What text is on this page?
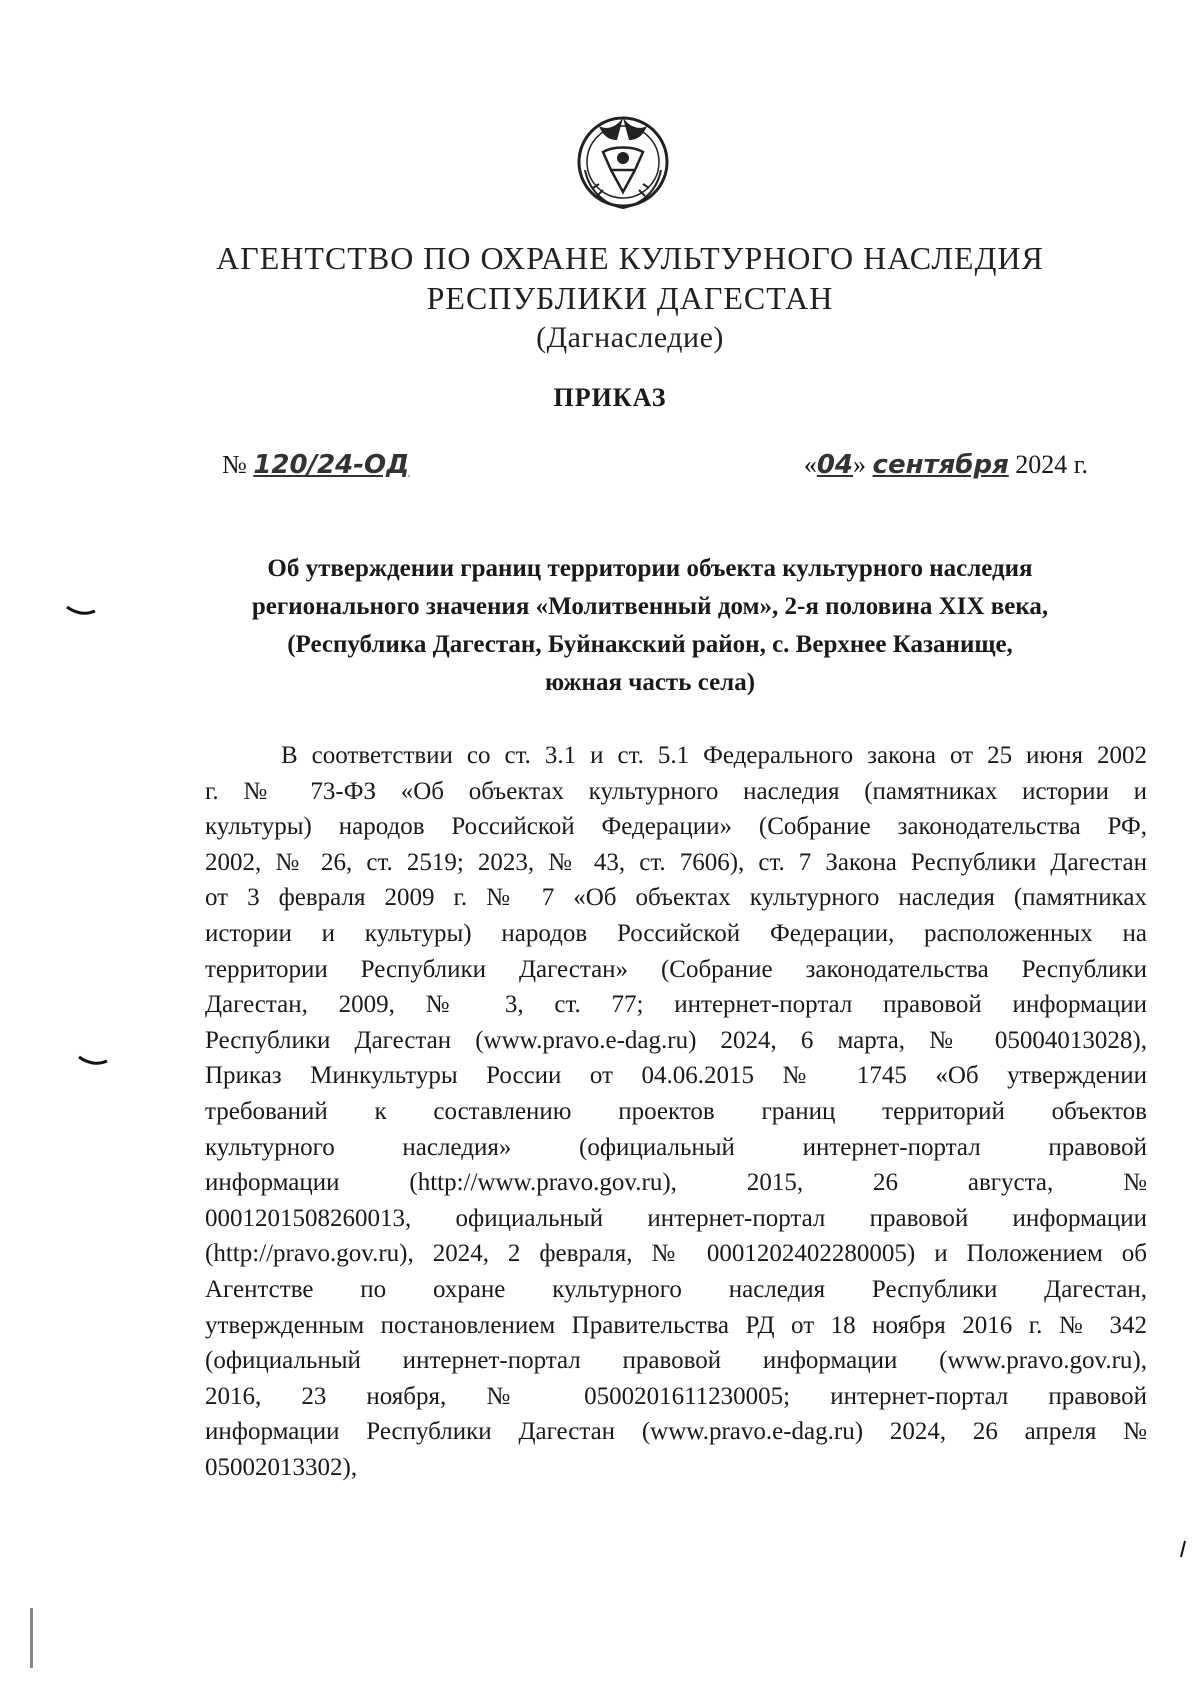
АГЕНТСТВО ПО ОХРАНЕ КУЛЬТУРНОГО НАСЛЕДИЯ
РЕСПУБЛИКИ ДАГЕСТАН
(Дагнаследие)
ПРИКАЗ
№ 120/24-ОД	«04» сентября 2024 г.
Об утверждении границ территории объекта культурного наследия
регионального значения «Молитвенный дом», 2-я половина XIX века,
(Республика Дагестан, Буйнакский район, с. Верхнее Казанище,
южная часть села)
В соответствии со ст. 3.1 и ст. 5.1 Федерального закона от 25 июня 2002
г. № 73-ФЗ «Об объектах культурного наследия (памятниках истории и
культуры) народов Российской Федерации» (Собрание законодательства РФ,
2002, № 26, ст. 2519; 2023, № 43, ст. 7606), ст. 7 Закона Республики Дагестан
от 3 февраля 2009 г. № 7 «Об объектах культурного наследия (памятниках
истории и культуры) народов Российской Федерации, расположенных на
территории Республики Дагестан» (Собрание законодательства Республики
Дагестан, 2009, № 3, ст. 77; интернет-портал правовой информации
Республики Дагестан (www.pravo.e-dag.ru) 2024, 6 марта, № 05004013028),
Приказ Минкультуры России от 04.06.2015 № 1745 «Об утверждении
требований к составлению проектов границ территорий объектов
культурного наследия» (официальный интернет-портал правовой
информации (http://www.pravo.gov.ru), 2015, 26 августа, №
0001201508260013, официальный интернет-портал правовой информации
(http://pravo.gov.ru), 2024, 2 февраля, № 0001202402280005) и Положением об
Агентстве по охране культурного наследия Республики Дагестан,
утвержденным постановлением Правительства РД от 18 ноября 2016 г. № 342
(официальный интернет-портал правовой информации (www.pravo.gov.ru),
2016, 23 ноября, № 0500201611230005; интернет-портал правовой
информации Республики Дагестан (www.pravo.e-dag.ru) 2024, 26 апреля №
05002013302),
